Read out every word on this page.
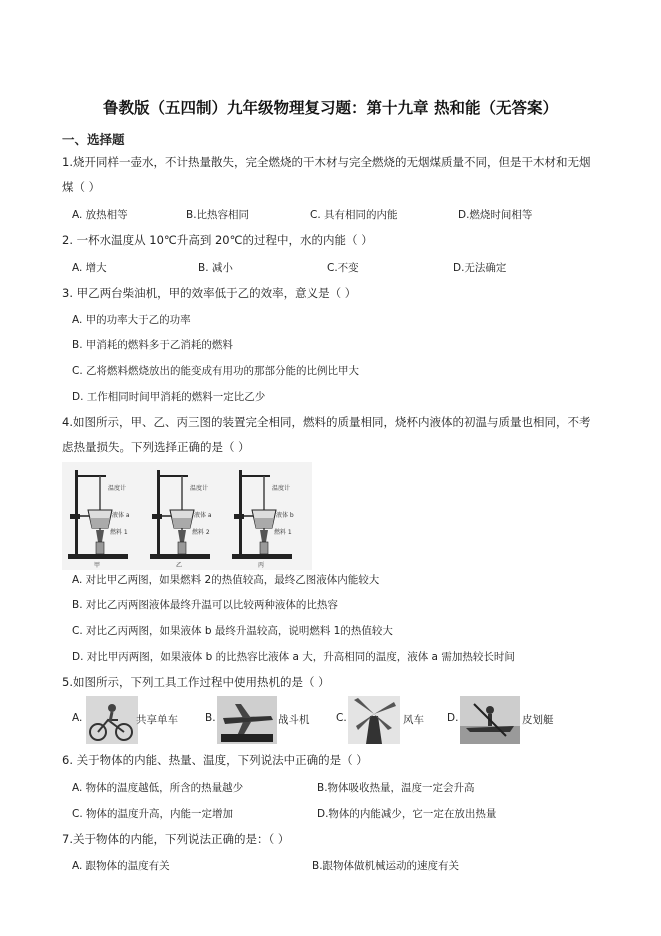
鲁教版（五四制）九年级物理复习题：第十九章 热和能（无答案）
一、选择题
1.烧开同样一壶水，不计热量散失，完全燃烧的干木材与完全燃烧的无烟煤质量不同，但是干木材和无烟
煤（ ）
A. 放热相等	B.比热容相同	C. 具有相同的内能	D.燃烧时间相等
2. 一杯水温度从 10℃升高到 20℃的过程中，水的内能（ ）
A. 增大	B. 减小	C.不变	D.无法确定
3. 甲乙两台柴油机，甲的效率低于乙的效率，意义是（ ）
A. 甲的功率大于乙的功率
B. 甲消耗的燃料多于乙消耗的燃料
C. 乙将燃料燃烧放出的能变成有用功的那部分能的比例比甲大
D. 工作相同时间甲消耗的燃料一定比乙少
4.如图所示，甲、乙、丙三图的装置完全相同，燃料的质量相同，烧杯内液体的初温与质量也相同，不考
虑热量损失。下列选择正确的是（ ）
温度计
液体 a
燃料 1
甲
温度计
液体 a
燃料 2
乙
温度计
液体 b
燃料 1
丙
A. 对比甲乙两图，如果燃料 2的热值较高，最终乙图液体内能较大
B. 对比乙丙两图液体最终升温可以比较两种液体的比热容
C. 对比乙丙两图，如果液体 b 最终升温较高，说明燃料 1的热值较大
D. 对比甲丙两图，如果液体 b 的比热容比液体 a 大，升高相同的温度，液体 a 需加热较长时间
5.如图所示，下列工具工作过程中使用热机的是（ ）
A.	共享单车	B.	战斗机	C.	风车 D.	皮划艇
6. 关于物体的内能、热量、温度，下列说法中正确的是（ ）
A. 物体的温度越低，所含的热量越少	B.物体吸收热量，温度一定会升高
C. 物体的温度升高，内能一定增加	D.物体的内能减少，它一定在放出热量
7.关于物体的内能，下列说法正确的是：（ ）
A. 跟物体的温度有关	B.跟物体做机械运动的速度有关
